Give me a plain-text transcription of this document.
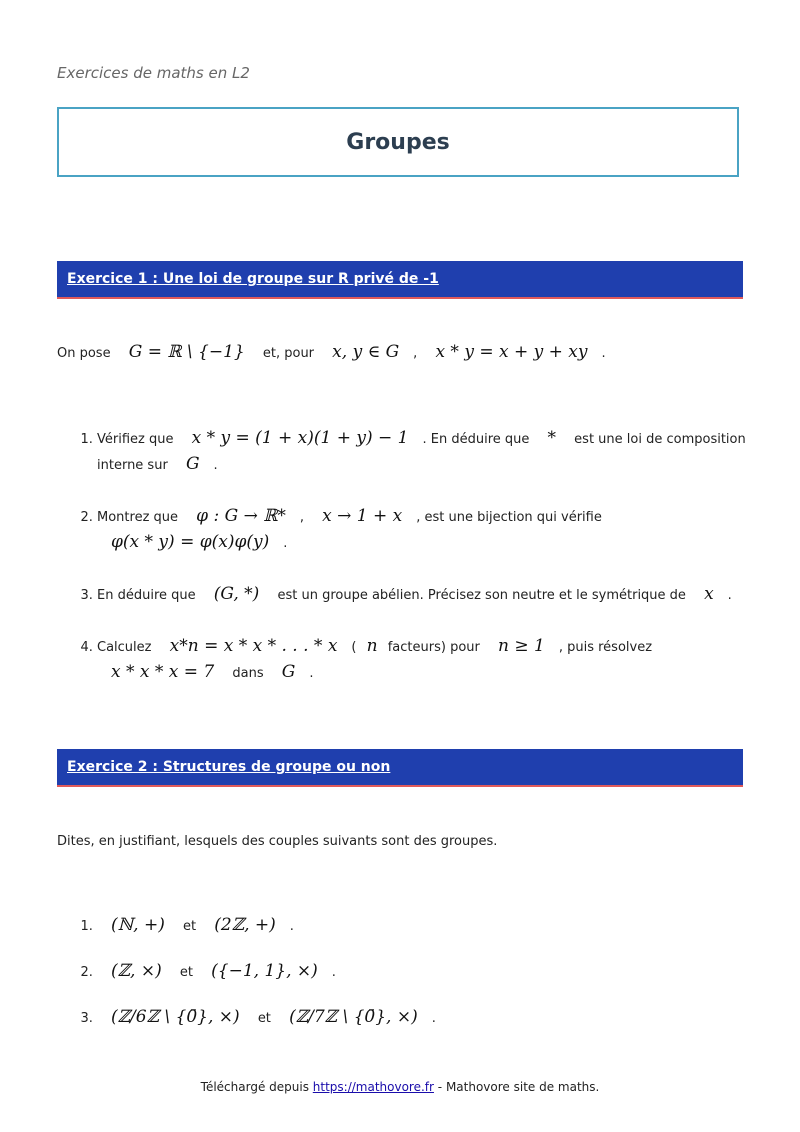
Exercices de maths en L2
Groupes
Exercice 1 : Une loi de groupe sur R privé de -1
On pose G = ℝ \ {−1} et, pour x, y ∈ G , x * y = x + y + xy .
1. Vérifiez que x * y = (1 + x)(1 + y) − 1 . En déduire que * est une loi de composition interne sur G .
2. Montrez que φ : G → ℝ* , x → 1 + x , est une bijection qui vérifie
φ(x * y) = φ(x)φ(y) .
3. En déduire que (G, *) est un groupe abélien. Précisez son neutre et le symétrique de x .
4. Calculez x*n = x * x * . . . * x ( n facteurs) pour n ≥ 1 , puis résolvez
x * x * x = 7 dans G .
Exercice 2 : Structures de groupe ou non
Dites, en justifiant, lesquels des couples suivants sont des groupes.
1. (ℕ, +) et (2ℤ, +) .
2. (ℤ, ×) et ({−1, 1}, ×) .
3. (ℤ/6ℤ \ {0̄}, ×) et (ℤ/7ℤ \ {0̄}, ×) .
Téléchargé depuis https://mathovore.fr - Mathovore site de maths.
